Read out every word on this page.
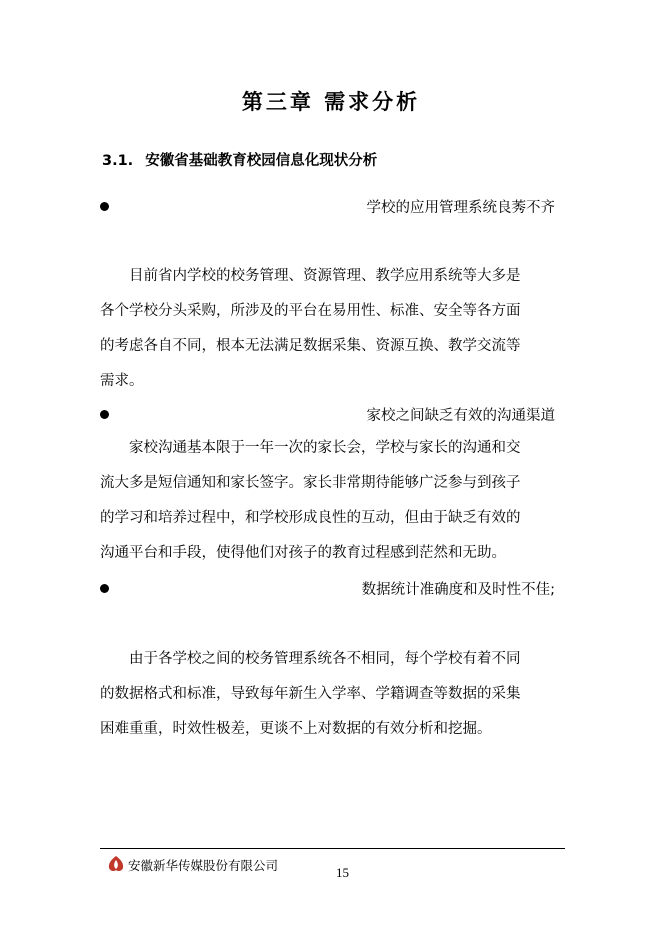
第三章 需求分析
3.1. 安徽省基础教育校园信息化现状分析
学校的应用管理系统良莠不齐
　　目前省内学校的校务管理、资源管理、教学应用系统等大多是
各个学校分头采购，所涉及的平台在易用性、标准、安全等各方面
的考虑各自不同，根本无法满足数据采集、资源互换、教学交流等
需求。
家校之间缺乏有效的沟通渠道
　　家校沟通基本限于一年一次的家长会，学校与家长的沟通和交
流大多是短信通知和家长签字。家长非常期待能够广泛参与到孩子
的学习和培养过程中，和学校形成良性的互动，但由于缺乏有效的
沟通平台和手段，使得他们对孩子的教育过程感到茫然和无助。
数据统计准确度和及时性不佳;
　　由于各学校之间的校务管理系统各不相同，每个学校有着不同
的数据格式和标准，导致每年新生入学率、学籍调查等数据的采集
困难重重，时效性极差，更谈不上对数据的有效分析和挖掘。
安徽新华传媒股份有限公司	15
